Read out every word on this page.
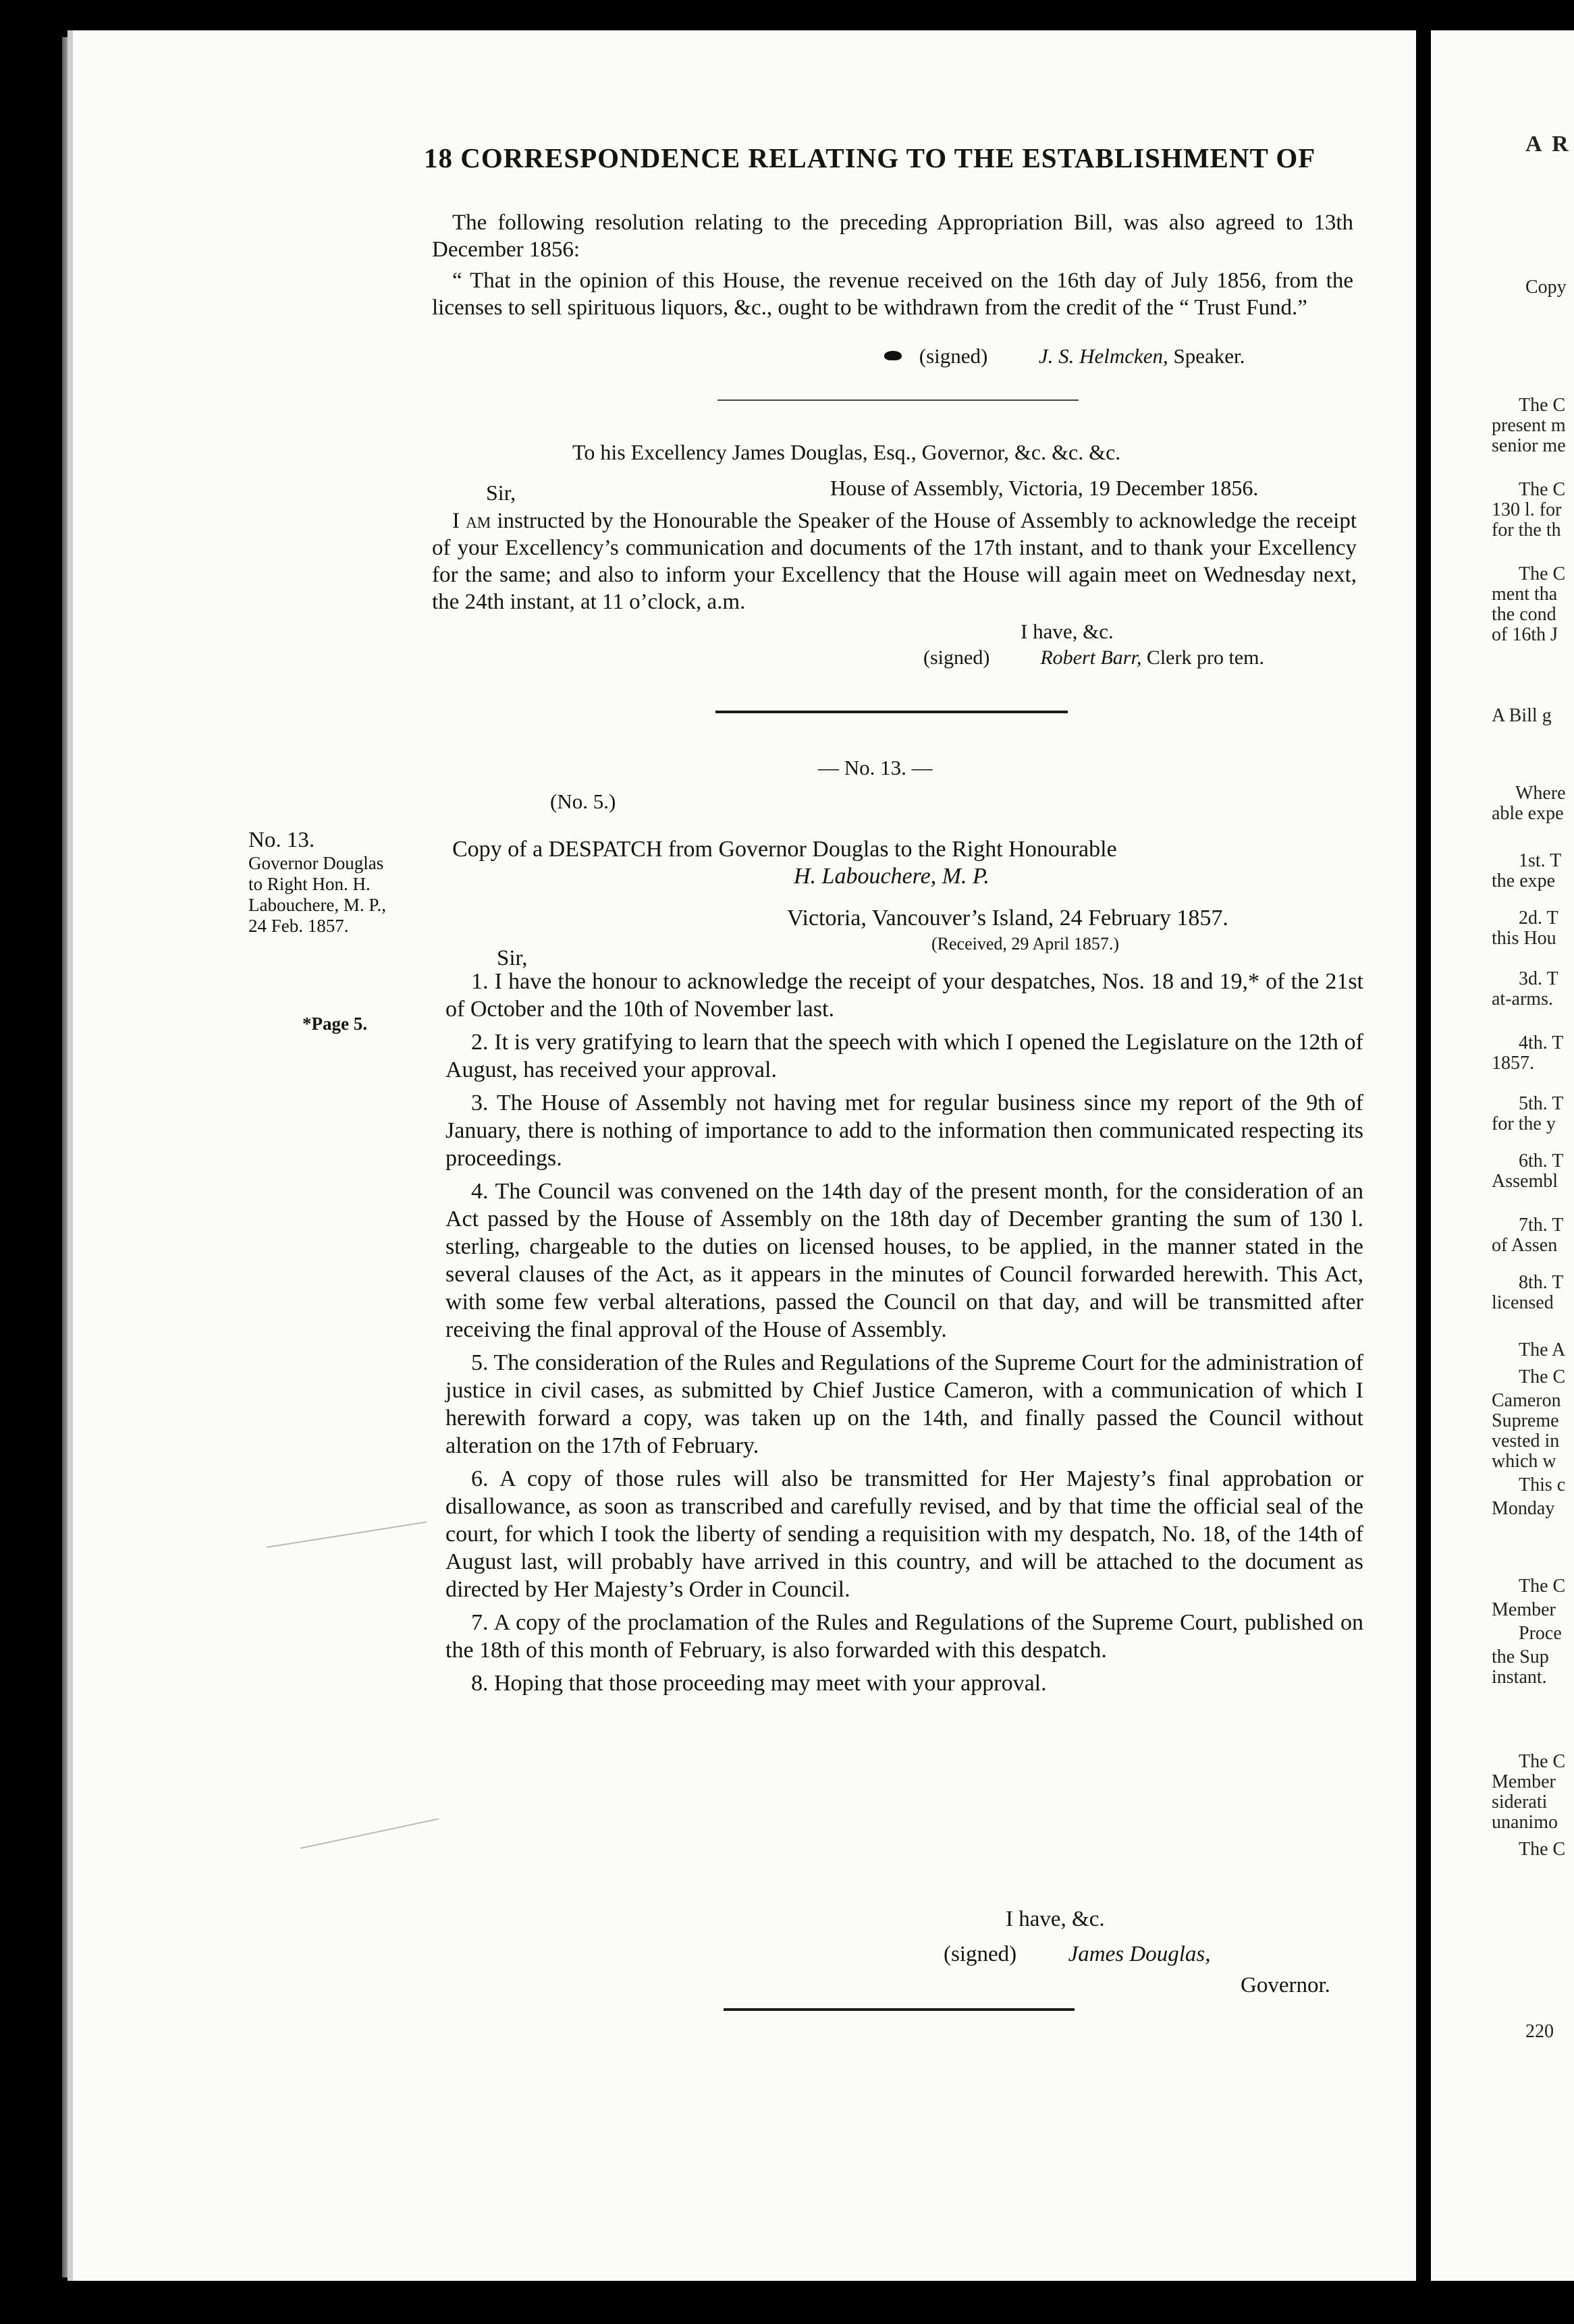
18 CORRESPONDENCE RELATING TO THE ESTABLISHMENT OF
The following resolution relating to the preceding Appropriation Bill, was also agreed to 13th December 1856:
“ That in the opinion of this House, the revenue received on the 16th day of July 1856, from the licenses to sell spirituous liquors, &c., ought to be withdrawn from the credit of the “ Trust Fund.”
(signed) J. S. Helmcken, Speaker.
To his Excellency James Douglas, Esq., Governor, &c. &c. &c.
Sir,	House of Assembly, Victoria, 19 December 1856.
I am instructed by the Honourable the Speaker of the House of Assembly to acknowledge the receipt of your Excellency’s communication and documents of the 17th instant, and to thank your Excellency for the same; and also to inform your Excellency that the House will again meet on Wednesday next, the 24th instant, at 11 o’clock, a.m.
I have, &c.
(signed)	Robert Barr, Clerk pro tem.
— No. 13. —
(No. 5.)
No. 13.
Governor Douglas
to Right Hon. H.
Labouchere, M. P.,
24 Feb. 1857.
*Page 5.
Copy of a DESPATCH from Governor Douglas to the Right Honourable
H. Labouchere, M. P.
Victoria, Vancouver’s Island, 24 February 1857.
(Received, 29 April 1857.)
Sir,

1. I have the honour to acknowledge the receipt of your despatches, Nos. 18 and 19,* of the 21st of October and the 10th of November last.

2. It is very gratifying to learn that the speech with which I opened the Legislature on the 12th of August, has received your approval.

3. The House of Assembly not having met for regular business since my report of the 9th of January, there is nothing of importance to add to the information then communicated respecting its proceedings.

4. The Council was convened on the 14th day of the present month, for the consideration of an Act passed by the House of Assembly on the 18th day of December granting the sum of 130 l. sterling, chargeable to the duties on licensed houses, to be applied, in the manner stated in the several clauses of the Act, as it appears in the minutes of Council forwarded herewith. This Act, with some few verbal alterations, passed the Council on that day, and will be transmitted after receiving the final approval of the House of Assembly.

5. The consideration of the Rules and Regulations of the Supreme Court for the administration of justice in civil cases, as submitted by Chief Justice Cameron, with a communication of which I herewith forward a copy, was taken up on the 14th, and finally passed the Council without alteration on the 17th of February.

6. A copy of those rules will also be transmitted for Her Majesty’s final approbation or disallowance, as soon as transcribed and carefully revised, and by that time the official seal of the court, for which I took the liberty of sending a requisition with my despatch, No. 18, of the 14th of August last, will probably have arrived in this country, and will be attached to the document as directed by Her Majesty’s Order in Council.

7. A copy of the proclamation of the Rules and Regulations of the Supreme Court, published on the 18th of this month of February, is also forwarded with this despatch.

8. Hoping that those proceeding may meet with your approval.

I have, &c.
(signed) James Douglas,
Governor.
A R
Copy
The C
present m
senior me
The C
130 l. for
for the th
The C
ment tha
the cond
of 16th J
A Bill g
Where
able expe
1st. T
the expe
2d. T
this Hou
3d. T
at-arms.
4th. T
1857.
5th. T
for the y
6th. T
Assembl
7th. T
of Assen
8th. T
licensed
The A
The C
Cameron
Supreme
vested in
which w
This c
Monday
The C
Member
Proce
the Sup
instant.
The C
Member
siderati
unanimo
The C
220
